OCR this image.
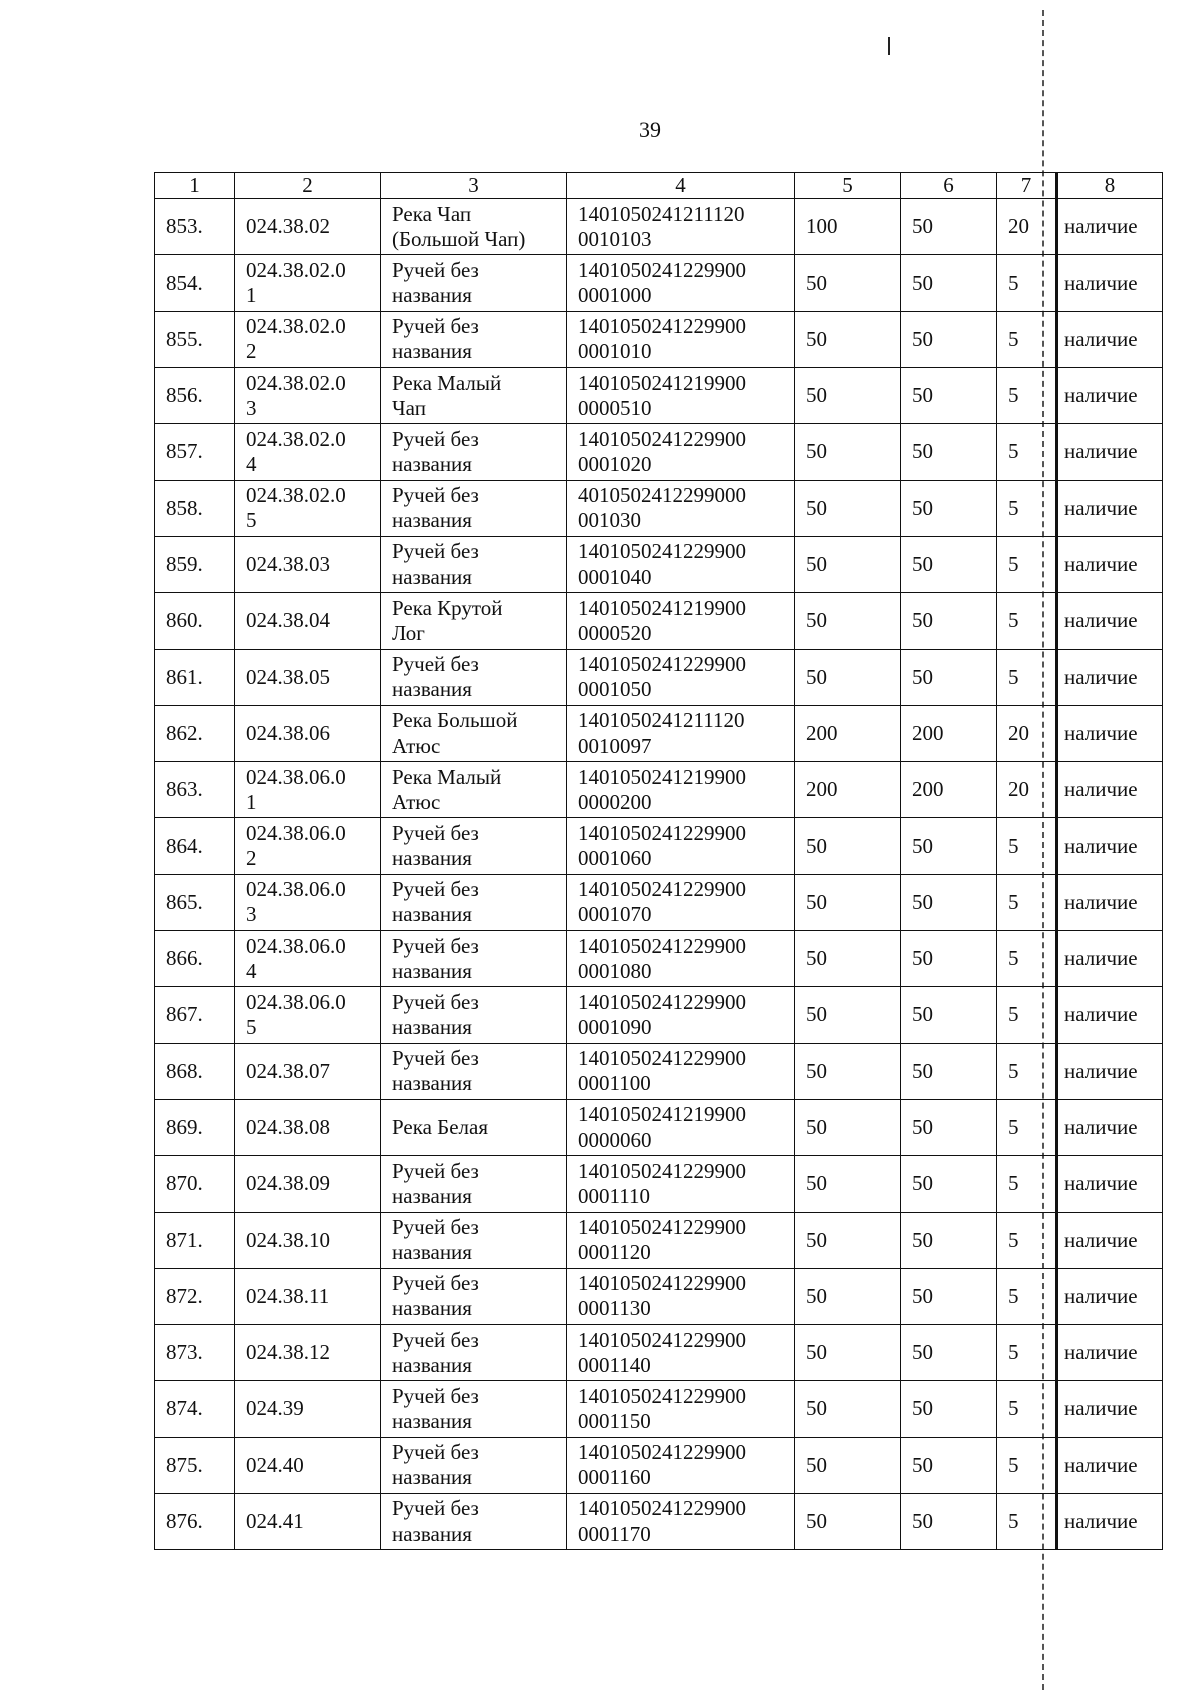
39
1	2	3	4	5	6	7	8

853.	024.38.02	Река Чап
(Большой Чап)	1401050241211120
0010103	100	50	20	наличие

854.	024.38.02.0
1	Ручей без
названия	1401050241229900
0001000	50	50	5	наличие

855.	024.38.02.0
2	Ручей без
названия	1401050241229900
0001010	50	50	5	наличие

856.	024.38.02.0
3	Река Малый
Чап	1401050241219900
0000510	50	50	5	наличие

857.	024.38.02.0
4	Ручей без
названия	1401050241229900
0001020	50	50	5	наличие

858.	024.38.02.0
5	Ручей без
названия	4010502412299000
001030	50	50	5	наличие

859.	024.38.03	Ручей без
названия	1401050241229900
0001040	50	50	5	наличие

860.	024.38.04	Река Крутой
Лог	1401050241219900
0000520	50	50	5	наличие

861.	024.38.05	Ручей без
названия	1401050241229900
0001050	50	50	5	наличие

862.	024.38.06	Река Большой
Атюс	1401050241211120
0010097	200	200	20	наличие

863.	024.38.06.0
1	Река Малый
Атюс	1401050241219900
0000200	200	200	20	наличие

864.	024.38.06.0
2	Ручей без
названия	1401050241229900
0001060	50	50	5	наличие

865.	024.38.06.0
3	Ручей без
названия	1401050241229900
0001070	50	50	5	наличие

866.	024.38.06.0
4	Ручей без
названия	1401050241229900
0001080	50	50	5	наличие

867.	024.38.06.0
5	Ручей без
названия	1401050241229900
0001090	50	50	5	наличие

868.	024.38.07	Ручей без
названия	1401050241229900
0001100	50	50	5	наличие

869.	024.38.08	Река Белая	1401050241219900
0000060	50	50	5	наличие

870.	024.38.09	Ручей без
названия	1401050241229900
0001110	50	50	5	наличие

871.	024.38.10	Ручей без
названия	1401050241229900
0001120	50	50	5	наличие

872.	024.38.11	Ручей без
названия	1401050241229900
0001130	50	50	5	наличие

873.	024.38.12	Ручей без
названия	1401050241229900
0001140	50	50	5	наличие

874.	024.39	Ручей без
названия	1401050241229900
0001150	50	50	5	наличие

875.	024.40	Ручей без
названия	1401050241229900
0001160	50	50	5	наличие

876.	024.41	Ручей без
названия	1401050241229900
0001170	50	50	5	наличие
